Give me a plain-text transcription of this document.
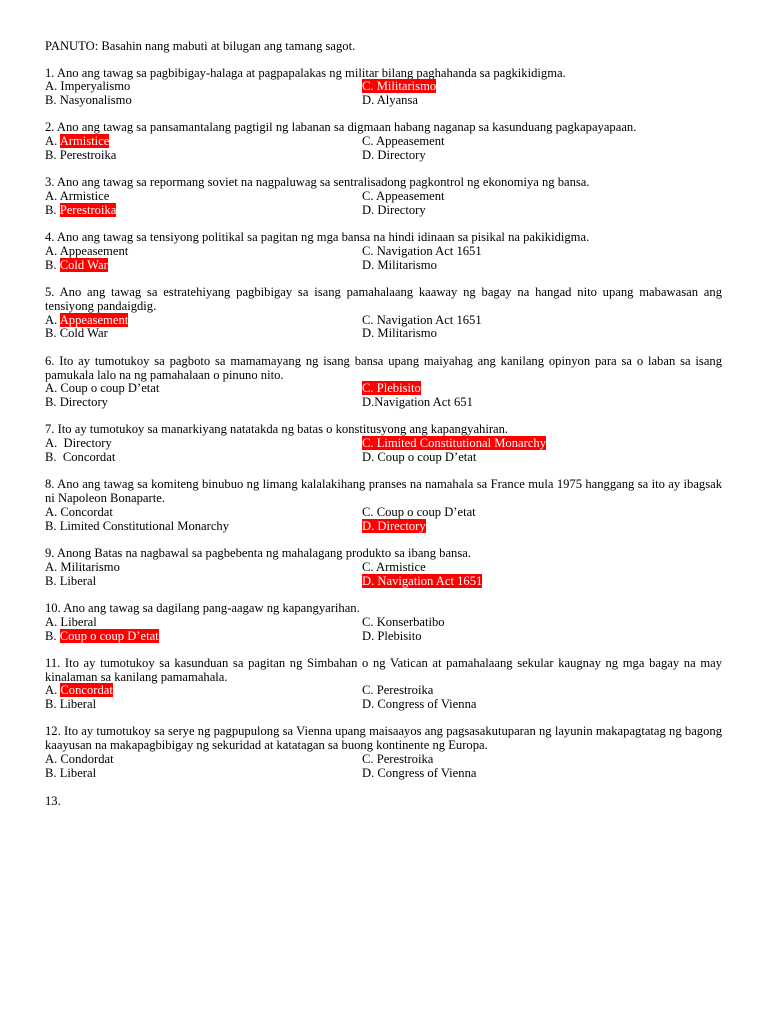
PANUTO: Basahin nang mabuti at bilugan ang tamang sagot.
1. Ano ang tawag sa pagbibigay-halaga at pagpapalakas ng militar bilang paghahanda sa pagkikidigma.
A. Imperyalismo	C. Militarismo
B. Nasyonalismo	D. Alyansa
2. Ano ang tawag sa pansamantalang pagtigil ng labanan sa digmaan habang naganap sa kasunduang pagkapayapaan.
A. Armistice	C. Appeasement
B. Perestroika	D. Directory
3. Ano ang tawag sa repormang soviet na nagpaluwag sa sentralisadong pagkontrol ng ekonomiya ng bansa.
A. Armistice	C. Appeasement
B. Perestroika	D. Directory
4. Ano ang tawag sa tensiyong politikal sa pagitan ng mga bansa na hindi idinaan sa pisikal na pakikidigma.
A. Appeasement	C. Navigation Act 1651
B. Cold War	D. Militarismo
5. Ano ang tawag sa estratehiyang pagbibigay sa isang pamahalaang kaaway ng bagay na hangad nito upang mabawasan ang tensiyong pandaigdig.
A. Appeasement	C. Navigation Act 1651
B. Cold War	D. Militarismo
6. Ito ay tumotukoy sa pagboto sa mamamayang ng isang bansa upang maiyahag ang kanilang opinyon para sa o laban sa isang pamukala lalo na ng pamahalaan o pinuno nito.
A. Coup o coup D’etat	C. Plebisito
B. Directory	D.Navigation Act 651
7. Ito ay tumotukoy sa manarkiyang natatakda ng batas o konstitusyong ang kapangyahiran.
A.  Directory	C. Limited Constitutional Monarchy
B.  Concordat	D. Coup o coup D’etat
8. Ano ang tawag sa komiteng binubuo ng limang kalalakihang pranses na namahala sa France mula 1975 hanggang sa ito ay ibagsak ni Napoleon Bonaparte.
A. Concordat	C. Coup o coup D’etat
B. Limited Constitutional Monarchy	D. Directory
9. Anong Batas na nagbawal sa pagbebenta ng mahalagang produkto sa ibang bansa.
A. Militarismo	C. Armistice
B. Liberal	D. Navigation Act 1651
10. Ano ang tawag sa dagilang pang-aagaw ng kapangyarihan.
A. Liberal	C. Konserbatibo
B. Coup o coup D’etat	D. Plebisito
11. Ito ay tumotukoy sa kasunduan sa pagitan ng Simbahan o ng Vatican at pamahalaang sekular kaugnay ng mga bagay na may kinalaman sa kanilang pamamahala.
A. Concordat	C. Perestroika
B. Liberal	D. Congress of Vienna
12. Ito ay tumotukoy sa serye ng pagpupulong sa Vienna upang maisaayos ang pagsasakutuparan ng layunin makapagtatag ng bagong kaayusan na makapagbibigay ng sekuridad at katatagan sa buong kontinente ng Europa.
A. Condordat	C. Perestroika
B. Liberal	D. Congress of Vienna
13.
